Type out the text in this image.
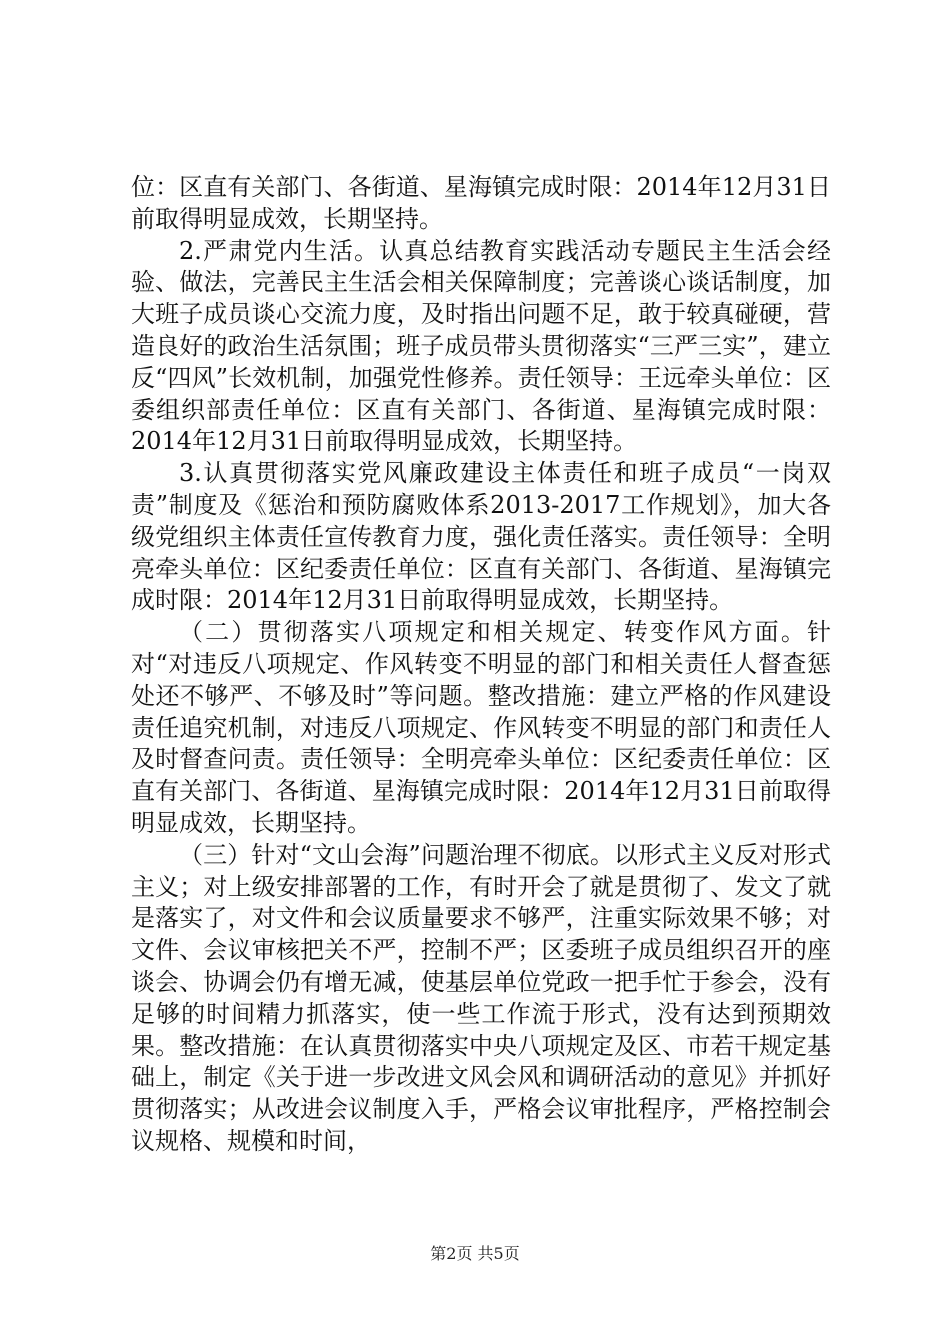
位：区直有关部门、各街道、星海镇完成时限：2014年12月31日前取得明显成效，长期坚持。

2.严肃党内生活。认真总结教育实践活动专题民主生活会经验、做法，完善民主生活会相关保障制度；完善谈心谈话制度，加大班子成员谈心交流力度，及时指出问题不足，敢于较真碰硬，营造良好的政治生活氛围；班子成员带头贯彻落实“三严三实”，建立反“四风”长效机制，加强党性修养。责任领导：王远牵头单位：区委组织部责任单位：区直有关部门、各街道、星海镇完成时限：2014年12月31日前取得明显成效，长期坚持。

3.认真贯彻落实党风廉政建设主体责任和班子成员“一岗双责”制度及《惩治和预防腐败体系2013-2017工作规划》，加大各级党组织主体责任宣传教育力度，强化责任落实。责任领导：全明亮牵头单位：区纪委责任单位：区直有关部门、各街道、星海镇完成时限：2014年12月31日前取得明显成效，长期坚持。

（二）贯彻落实八项规定和相关规定、转变作风方面。针对“对违反八项规定、作风转变不明显的部门和相关责任人督查惩处还不够严、不够及时”等问题。整改措施：建立严格的作风建设责任追究机制，对违反八项规定、作风转变不明显的部门和责任人及时督查问责。责任领导：全明亮牵头单位：区纪委责任单位：区直有关部门、各街道、星海镇完成时限：2014年12月31日前取得明显成效，长期坚持。

（三）针对“文山会海”问题治理不彻底。以形式主义反对形式主义；对上级安排部署的工作，有时开会了就是贯彻了、发文了就是落实了，对文件和会议质量要求不够严，注重实际效果不够；对文件、会议审核把关不严，控制不严；区委班子成员组织召开的座谈会、协调会仍有增无减，使基层单位党政一把手忙于参会，没有足够的时间精力抓落实，使一些工作流于形式，没有达到预期效果。整改措施：在认真贯彻落实中央八项规定及区、市若干规定基础上，制定《关于进一步改进文风会风和调研活动的意见》并抓好贯彻落实；从改进会议制度入手，严格会议审批程序，严格控制会议规格、规模和时间，

第2页 共5页
